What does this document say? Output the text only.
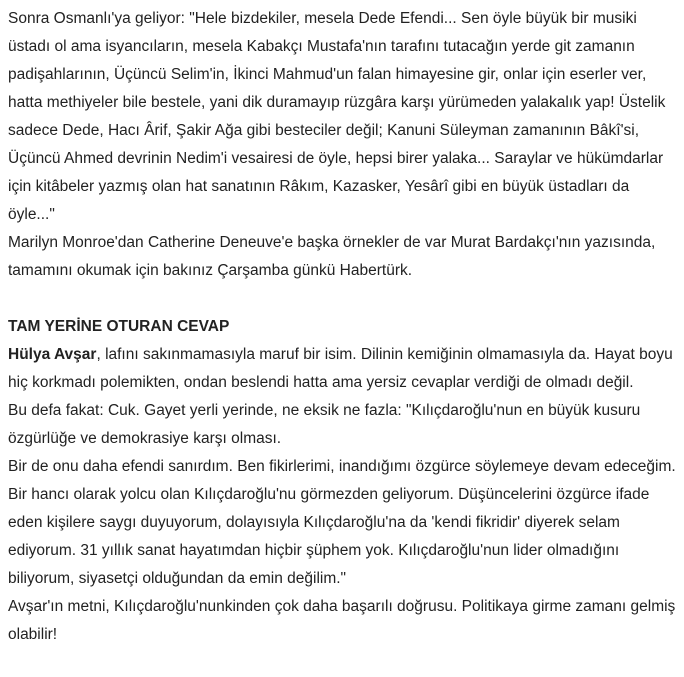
Sonra Osmanlı'ya geliyor: "Hele bizdekiler, mesela Dede Efendi... Sen öyle büyük bir musiki üstadı ol ama isyancıların, mesela Kabakçı Mustafa'nın tarafını tutacağın yerde git zamanın padişahlarının, Üçüncü Selim'in, İkinci Mahmud'un falan himayesine gir, onlar için eserler ver, hatta methiyeler bile bestele, yani dik duramayıp rüzgâra karşı yürümeden yalakalık yap! Üstelik sadece Dede, Hacı Ârif, Şakir Ağa gibi besteciler değil; Kanuni Süleyman zamanının Bâkî'si, Üçüncü Ahmed devrinin Nedim'i vesairesi de öyle, hepsi birer yalaka... Saraylar ve hükümdarlar için kitâbeler yazmış olan hat sanatının Râkım, Kazasker, Yesârî gibi en büyük üstadları da öyle..."

Marilyn Monroe'dan Catherine Deneuve'e başka örnekler de var Murat Bardakçı'nın yazısında, tamamını okumak için bakınız Çarşamba günkü Habertürk.

TAM YERİNE OTURAN CEVAP

Hülya Avşar, lafını sakınmamasıyla maruf bir isim. Dilinin kemiğinin olmamasıyla da. Hayat boyu hiç korkmadı polemikten, ondan beslendi hatta ama yersiz cevaplar verdiği de olmadı değil.

Bu defa fakat: Cuk. Gayet yerli yerinde, ne eksik ne fazla: "Kılıçdaroğlu'nun en büyük kusuru özgürlüğe ve demokrasiye karşı olması.

Bir de onu daha efendi sanırdım. Ben fikirlerimi, inandığımı özgürce söylemeye devam edeceğim. Bir hancı olarak yolcu olan Kılıçdaroğlu'nu görmezden geliyorum. Düşüncelerini özgürce ifade eden kişilere saygı duyuyorum, dolayısıyla Kılıçdaroğlu'na da 'kendi fikridir' diyerek selam ediyorum. 31 yıllık sanat hayatımdan hiçbir şüphem yok. Kılıçdaroğlu'nun lider olmadığını biliyorum, siyasetçi olduğundan da emin değilim."

Avşar'ın metni, Kılıçdaroğlu'nunkinden çok daha başarılı doğrusu. Politikaya girme zamanı gelmiş olabilir!
